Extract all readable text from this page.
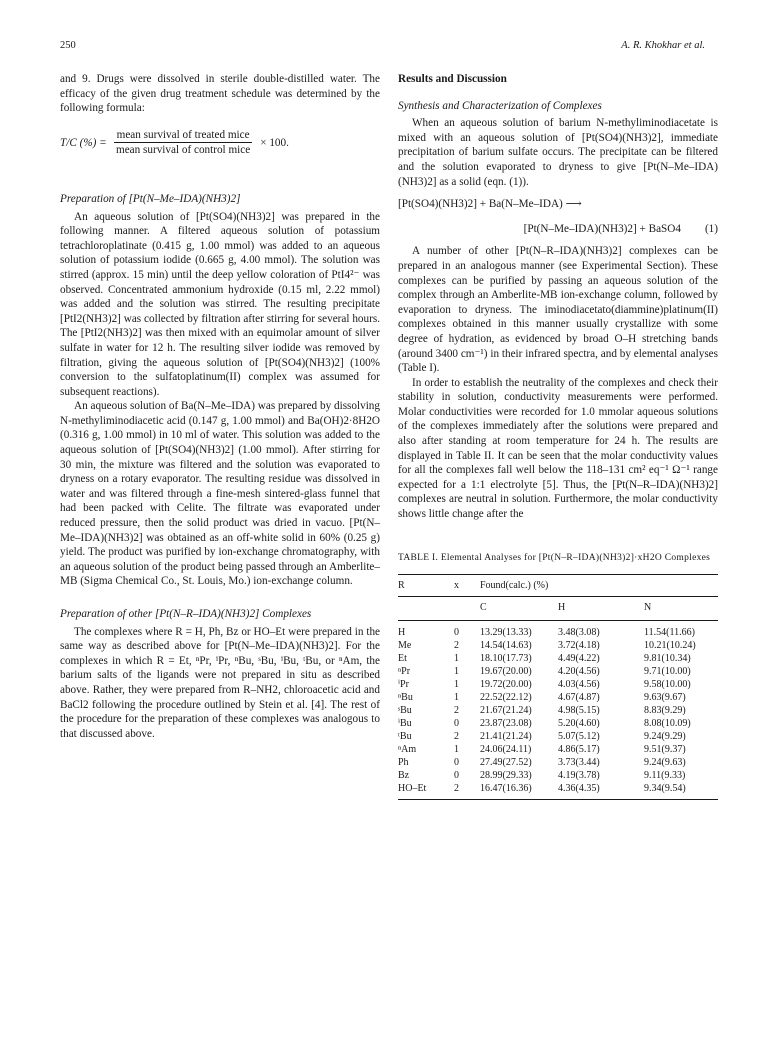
250	A. R. Khokhar et al.

and 9. Drugs were dissolved in sterile double-distilled water. The efficacy of the given drug treatment schedule was determined by the following formula:

T/C (%) = $\frac{\text{mean survival of treated mice}}{\text{mean survival of control mice}} \times 100$.

Preparation of [Pt(N–Me–IDA)(NH3)2]

An aqueous solution of [Pt(SO4)(NH3)2] was prepared in the following manner. A filtered aqueous solution of potassium tetrachloroplatinate (0.415 g, 1.00 mmol) was added to an aqueous solution of potassium iodide (0.665 g, 4.00 mmol). The solution was stirred (approx. 15 min) until the deep yellow coloration of PtI4²⁻ was observed. Concentrated ammonium hydroxide (0.15 ml, 2.22 mmol) was added and the solution was stirred. The resulting precipitate [PtI2(NH3)2] was collected by filtration after stirring for several hours. The [PtI2(NH3)2] was then mixed with an equimolar amount of silver sulfate in water for 12 h. The resulting silver iodide was removed by filtration, giving the aqueous solution of [Pt(SO4)(NH3)2] (100% conversion to the sulfatoplatinum(II) complex was assumed for subsequent reactions).

An aqueous solution of Ba(N–Me–IDA) was prepared by dissolving N-methyliminodiacetic acid (0.147 g, 1.00 mmol) and Ba(OH)2·8H2O (0.316 g, 1.00 mmol) in 10 ml of water. This solution was added to the aqueous solution of [Pt(SO4)(NH3)2] (1.00 mmol). After stirring for 30 min, the mixture was filtered and the solution was evaporated to dryness on a rotary evaporator. The resulting residue was dissolved in water and was filtered through a fine-mesh sintered-glass funnel that had been packed with Celite. The filtrate was evaporated under reduced pressure, then the solid product was dried in vacuo. [Pt(N–Me–IDA)(NH3)2] was obtained as an off-white solid in 60% (0.25 g) yield. The product was purified by ion-exchange chromatography, with an aqueous solution of the product being passed through an Amberlite–MB (Sigma Chemical Co., St. Louis, Mo.) ion-exchange column.

Preparation of other [Pt(N–R–IDA)(NH3)2] Complexes

The complexes where R = H, Ph, Bz or HO–Et were prepared in the same way as described above for [Pt(N–Me–IDA)(NH3)2]. For the complexes in which R = Et, ⁿPr, ⁱPr, ⁿBu, ˢBu, ⁱBu, ᵗBu, or ⁿAm, the barium salts of the ligands were not prepared in situ as described above. Rather, they were prepared from R–NH2, chloroacetic acid and BaCl2 following the procedure outlined by Stein et al. [4]. The rest of the procedure for the preparation of these complexes was analogous to that discussed above.

Results and Discussion

Synthesis and Characterization of Complexes

When an aqueous solution of barium N-methyliminodiacetate is mixed with an aqueous solution of [Pt(SO4)(NH3)2], immediate precipitation of barium sulfate occurs. The precipitate can be filtered and the solution evaporated to dryness to give [Pt(N–Me–IDA)(NH3)2] as a solid (eqn. (1)).

[Pt(SO4)(NH3)2] + Ba(N–Me–IDA) ⟶
[Pt(N–Me–IDA)(NH3)2] + BaSO4 (1)

A number of other [Pt(N–R–IDA)(NH3)2] complexes can be prepared in an analogous manner (see Experimental Section). These complexes can be purified by passing an aqueous solution of the complex through an Amberlite-MB ion-exchange column, followed by evaporation to dryness. The iminodiacetato(diammine)platinum(II) complexes obtained in this manner usually crystallize with some degree of hydration, as evidenced by broad O–H stretching bands (around 3400 cm⁻¹) in their infrared spectra, and by elemental analyses (Table I).

In order to establish the neutrality of the complexes and check their stability in solution, conductivity measurements were performed. Molar conductivities were recorded for 1.0 mmolar aqueous solutions of the complexes immediately after the solutions were prepared and also after standing at room temperature for 24 h. The results are displayed in Table II. It can be seen that the molar conductivity values for all the complexes fall well below the 118–131 cm² eq⁻¹ Ω⁻¹ range expected for a 1:1 electrolyte [5]. Thus, the [Pt(N–R–IDA)(NH3)2] complexes are neutral in solution. Furthermore, the molar conductivity shows little change after the

TABLE I. Elemental Analyses for [Pt(N–R–IDA)(NH3)2]·xH2O Complexes
R	x	Found(calc.) (%)		
		C	H	N
H	0	13.29(13.33)	3.48(3.08)	11.54(11.66)
Me	2	14.54(14.63)	3.72(4.18)	10.21(10.24)
Et	1	18.10(17.73)	4.49(4.22)	9.81(10.34)
ⁿPr	1	19.67(20.00)	4.20(4.56)	9.71(10.00)
ⁱPr	1	19.72(20.00)	4.03(4.56)	9.58(10.00)
ⁿBu	1	22.52(22.12)	4.67(4.87)	9.63(9.67)
ˢBu	2	21.67(21.24)	4.98(5.15)	8.83(9.29)
ⁱBu	0	23.87(23.08)	5.20(4.60)	8.08(10.09)
ᵗBu	2	21.41(21.24)	5.07(5.12)	9.24(9.29)
ⁿAm	1	24.06(24.11)	4.86(5.17)	9.51(9.37)
Ph	0	27.49(27.52)	3.73(3.44)	9.24(9.63)
Bz	0	28.99(29.33)	4.19(3.78)	9.11(9.33)
HO–Et	2	16.47(16.36)	4.36(4.35)	9.34(9.54)
